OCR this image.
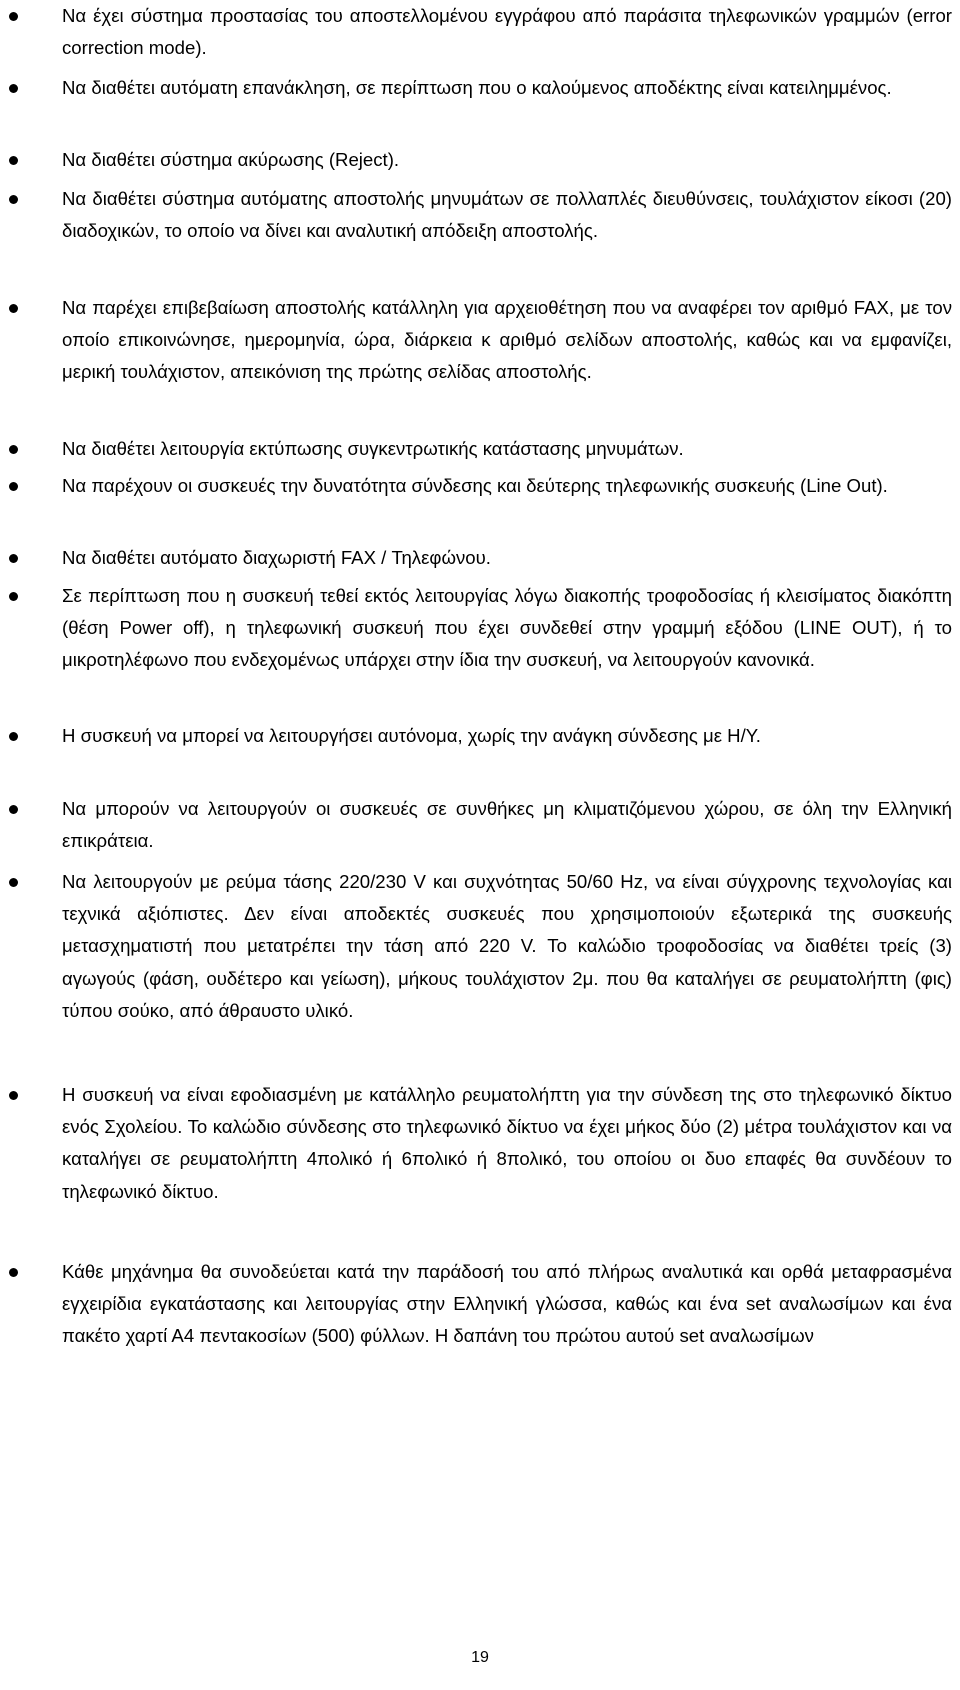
Να έχει σύστημα προστασίας του αποστελλομένου εγγράφου από παράσιτα τηλεφωνικών γραμμών (error correction mode).
Να διαθέτει αυτόματη επανάκληση, σε περίπτωση που ο καλούμενος αποδέκτης είναι κατειλημμένος.
Να διαθέτει σύστημα ακύρωσης (Reject).
Να διαθέτει σύστημα αυτόματης αποστολής μηνυμάτων σε πολλαπλές διευθύνσεις, τουλάχιστον είκοσι (20) διαδοχικών, το οποίο να δίνει και αναλυτική απόδειξη αποστολής.
Να παρέχει επιβεβαίωση αποστολής κατάλληλη για αρχειοθέτηση που να αναφέρει τον αριθμό FAX, με τον οποίο επικοινώνησε, ημερομηνία, ώρα, διάρκεια κ αριθμό σελίδων αποστολής, καθώς και να εμφανίζει, μερική τουλάχιστον, απεικόνιση της πρώτης σελίδας αποστολής.
Να διαθέτει λειτουργία εκτύπωσης συγκεντρωτικής κατάστασης μηνυμάτων.
Να παρέχουν οι συσκευές την δυνατότητα σύνδεσης και δεύτερης τηλεφωνικής συσκευής (Line Out).
Να διαθέτει αυτόματο διαχωριστή FAX / Τηλεφώνου.
Σε περίπτωση που η συσκευή τεθεί εκτός λειτουργίας λόγω διακοπής τροφοδοσίας ή κλεισίματος διακόπτη (θέση Power off), η τηλεφωνική συσκευή που έχει συνδεθεί στην γραμμή εξόδου (LINE OUT), ή το μικροτηλέφωνο που ενδεχομένως υπάρχει στην ίδια την συσκευή, να λειτουργούν κανονικά.
Η συσκευή να μπορεί να λειτουργήσει αυτόνομα, χωρίς την ανάγκη σύνδεσης με Η/Υ.
Να μπορούν να λειτουργούν οι συσκευές σε συνθήκες μη κλιματιζόμενου χώρου, σε όλη την Ελληνική επικράτεια.
Να λειτουργούν με ρεύμα τάσης 220/230 V και συχνότητας 50/60 Hz, να είναι σύγχρονης τεχνολογίας και τεχνικά αξιόπιστες. Δεν είναι αποδεκτές συσκευές που χρησιμοποιούν εξωτερικά της συσκευής μετασχηματιστή που μετατρέπει την τάση από 220 V. Το καλώδιο τροφοδοσίας να διαθέτει τρείς (3) αγωγούς (φάση, ουδέτερο και γείωση), μήκους τουλάχιστον 2μ. που θα καταλήγει σε ρευματολήπτη (φις) τύπου σούκο, από άθραυστο υλικό.
Η συσκευή να είναι εφοδιασμένη με κατάλληλο ρευματολήπτη για την σύνδεση της στο τηλεφωνικό δίκτυο ενός Σχολείου. Το καλώδιο σύνδεσης στο τηλεφωνικό δίκτυο να έχει μήκος δύο (2) μέτρα τουλάχιστον και να καταλήγει σε ρευματολήπτη 4πολικό ή 6πολικό ή 8πολικό, του οποίου οι δυο επαφές θα συνδέουν το τηλεφωνικό δίκτυο.
Κάθε μηχάνημα θα συνοδεύεται κατά την παράδοσή του από πλήρως αναλυτικά και ορθά μεταφρασμένα εγχειρίδια εγκατάστασης και λειτουργίας στην Ελληνική γλώσσα, καθώς και ένα set αναλωσίμων και ένα πακέτο χαρτί Α4 πεντακοσίων (500) φύλλων. Η δαπάνη του πρώτου αυτού set αναλωσίμων
19
